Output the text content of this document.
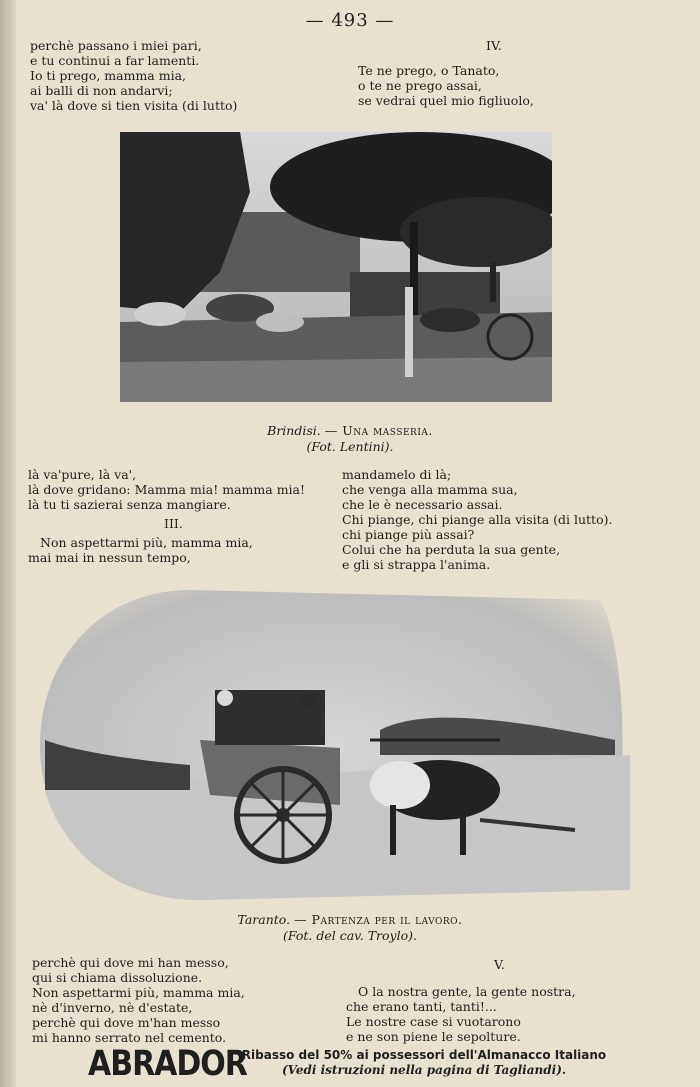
— 493 —
perchè passano i miei pari,
e tu continui a far lamenti.
Io ti prego, mamma mia,
ai balli di non andarvi;
va' là dove si tien visita (di lutto)
IV.
Te ne prego, o Tanato,
o te ne prego assai,
se vedrai quel mio figliuolo,
Brindisi. — Una masseria.
(Fot. Lentini).
là va'pure, là va',
là dove gridano: Mamma mia! mamma mia!
là tu ti sazierai senza mangiare.
III.
Non aspettarmi più, mamma mia,
mai mai in nessun tempo,
mandamelo di là;
che venga alla mamma sua,
che le è necessario assai.
Chi piange, chi piange alla visita (di lutto).
chi piange più assai?
Colui che ha perduta la sua gente,
e gli si strappa l'anima.
Taranto. — Partenza per il lavoro.
(Fot. del cav. Troylo).
perchè qui dove mi han messo,
qui si chiama dissoluzione.
Non aspettarmi più, mamma mia,
nè d'inverno, nè d'estate,
perchè qui dove m'han messo
mi hanno serrato nel cemento.
V.
O la nostra gente, la gente nostra,
che erano tanti, tanti!...
Le nostre case si vuotarono
e ne son piene le sepolture.
ABRADOR
Ribasso del 50% ai possessori dell'Almanacco Italiano
(Vedi istruzioni nella pagina di Tagliandi).
